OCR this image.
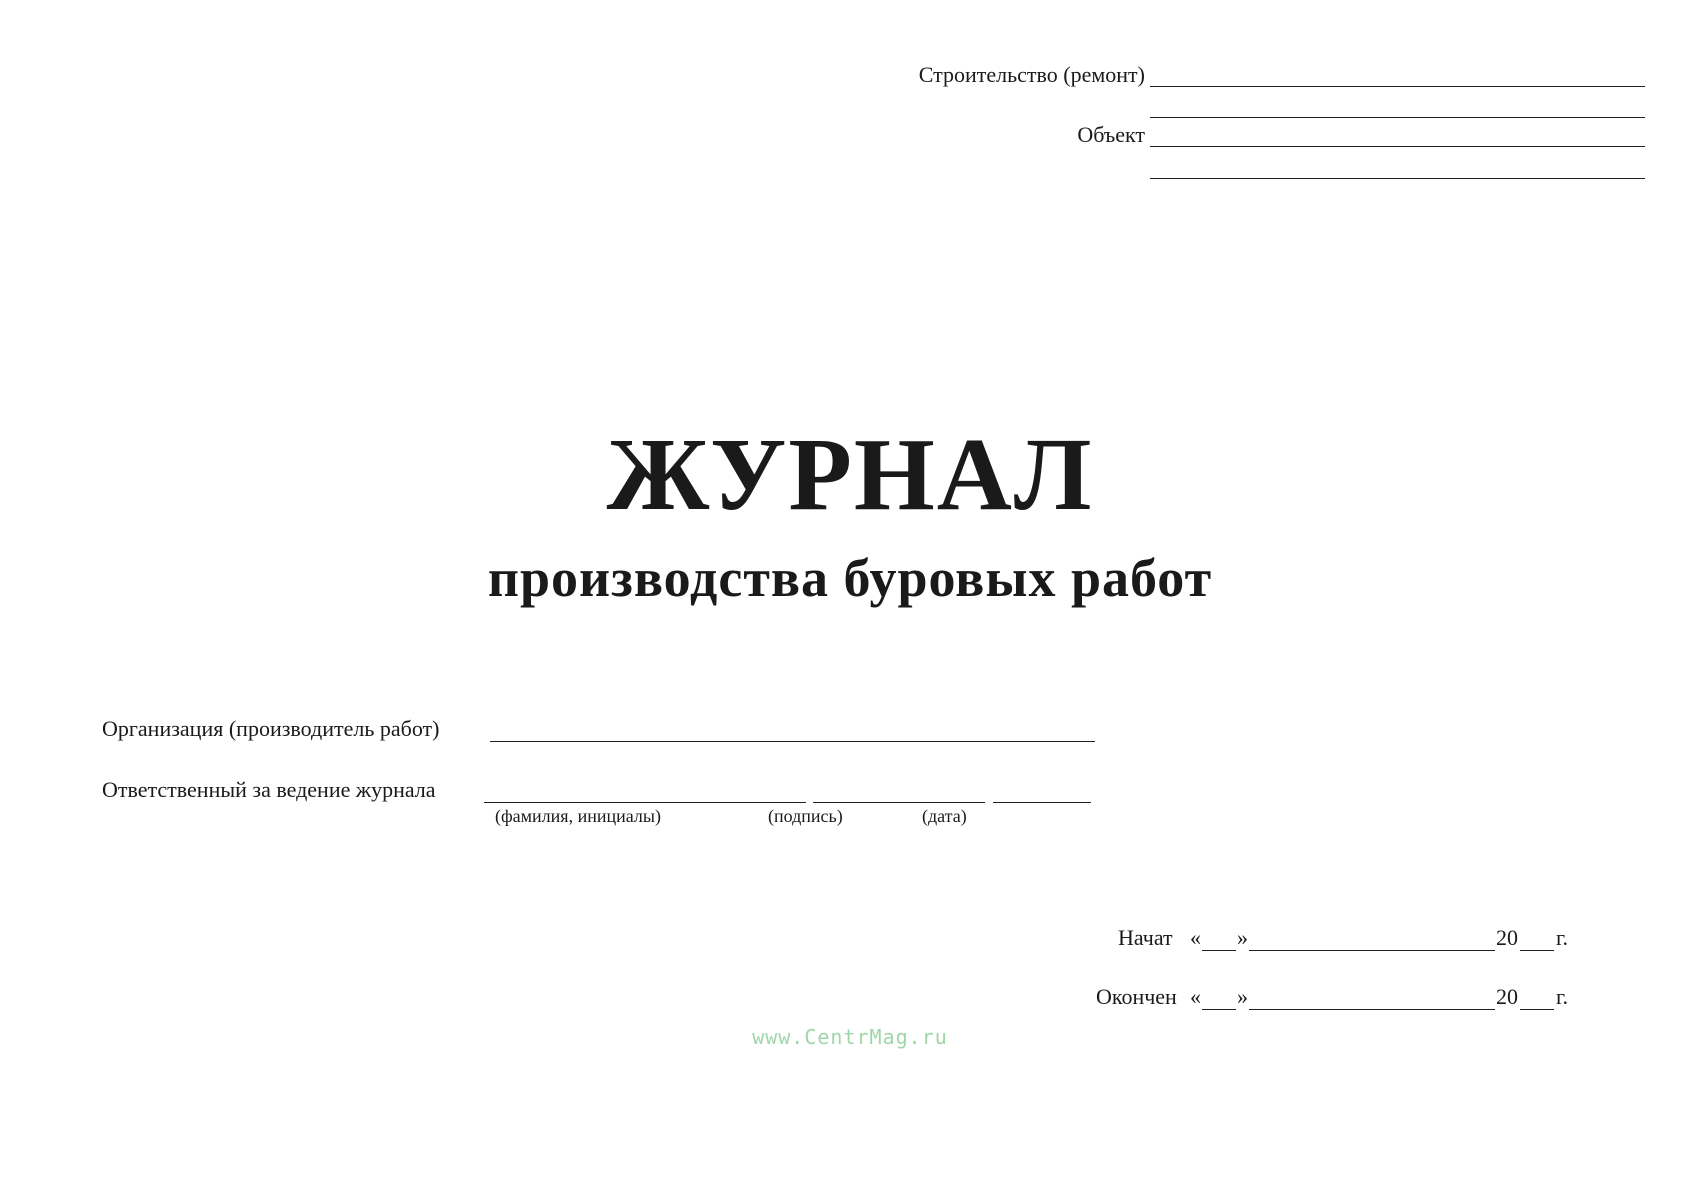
Строительство (ремонт)
Объект
ЖУРНАЛ
производства буровых работ
Организация (производитель работ)
Ответственный за ведение журнала
(фамилия, инициалы)	(подпись)	(дата)
Начат « »	20 г.
Окончен « »	20 г.
www.CentrMag.ru
